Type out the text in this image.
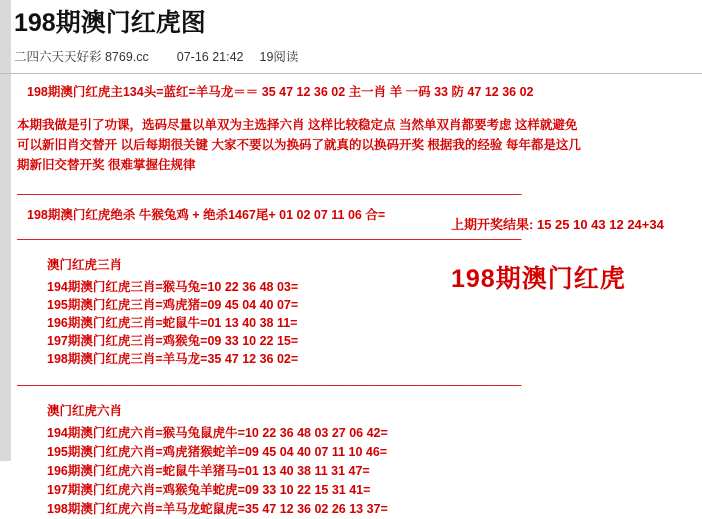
198期澳门红虎图
二四六天天好彩 8769.cc 07-16 21:42 19阅读
198期澳门红虎主134头=蓝红=羊马龙＝＝ 35 47 12 36 02 主一肖 羊 一码 33 防 47 12 36 02
本期我做是引了功课，选码尽量以单双为主选择六肖 这样比较稳定点 当然单双肖都要考虑 这样就避免
可以新旧肖交替开 以后每期很关键 大家不要以为换码了就真的以换码开奖 根据我的经验 每年都是这几
期新旧交替开奖 很难掌握住规律
——————————————————————————————————————————
198期澳门红虎绝杀 牛猴兔鸡 + 绝杀1467尾+ 01 02 07 11 06 合=
——————————————————————————————————————————
澳门红虎三肖
194期澳门红虎三肖=猴马兔=10 22 36 48 03=
195期澳门红虎三肖=鸡虎猪=09 45 04 40 07=
196期澳门红虎三肖=蛇鼠牛=01 13 40 38 11=
197期澳门红虎三肖=鸡猴兔=09 33 10 22 15=
198期澳门红虎三肖=羊马龙=35 47 12 36 02=
——————————————————————————————————————————
澳门红虎六肖
194期澳门红虎六肖=猴马兔鼠虎牛=10 22 36 48 03 27 06 42=
195期澳门红虎六肖=鸡虎猪猴蛇羊=09 45 04 40 07 11 10 46=
196期澳门红虎六肖=蛇鼠牛羊猪马=01 13 40 38 11 31 47=
197期澳门红虎六肖=鸡猴兔羊蛇虎=09 33 10 22 15 31 41=
198期澳门红虎六肖=羊马龙蛇鼠虎=35 47 12 36 02 26 13 37=
上期开奖结果: 15 25 10 43 12 24+34
198期澳门红虎
